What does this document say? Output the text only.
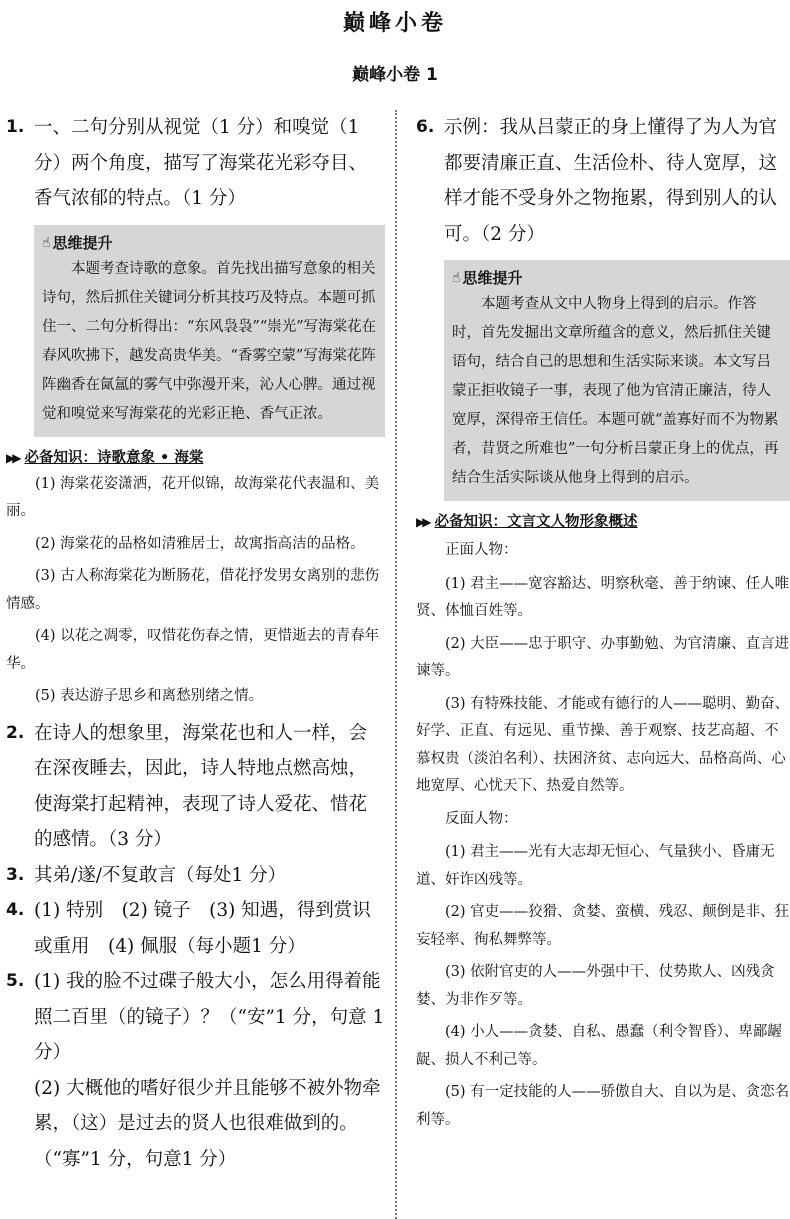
巅峰小卷
巅峰小卷 1
1. 一、二句分别从视觉（1 分）和嗅觉（1 分）两个角度，描写了海棠花光彩夺目、香气浓郁的特点。（1 分）
☝ 思维提升
本题考查诗歌的意象。首先找出描写意象的相关诗句，然后抓住关键词分析其技巧及特点。本题可抓住一、二句分析得出：“东风袅袅”“崇光”写海棠花在春风吹拂下，越发高贵华美。“香雾空蒙”写海棠花阵阵幽香在氤氲的雾气中弥漫开来，沁人心脾。通过视觉和嗅觉来写海棠花的光彩正艳、香气正浓。
▶▶ 必备知识：诗歌意象 • 海棠

(1) 海棠花姿潇洒，花开似锦，故海棠花代表温和、美丽。

(2) 海棠花的品格如清雅居士，故寓指高洁的品格。

(3) 古人称海棠花为断肠花，借花抒发男女离别的悲伤情感。

(4) 以花之凋零，叹惜花伤春之情，更惜逝去的青春年华。

(5) 表达游子思乡和离愁别绪之情。

2. 在诗人的想象里，海棠花也和人一样，会在深夜睡去，因此，诗人特地点燃高烛，使海棠打起精神，表现了诗人爱花、惜花的感情。（3 分）
3. 其弟/遂/不复敢言（每处1 分）
4. (1) 特别　(2) 镜子　(3) 知遇，得到赏识或重用　(4) 佩服（每小题1 分）
5. (1) 我的脸不过碟子般大小，怎么用得着能照二百里（的镜子）？（“安”1 分，句意 1 分）
(2) 大概他的嗜好很少并且能够不被外物牵累，（这）是过去的贤人也很难做到的。（“寡”1 分，句意1 分）
6. 示例：我从吕蒙正的身上懂得了为人为官都要清廉正直、生活俭朴、待人宽厚，这样才能不受身外之物拖累，得到别人的认可。（2 分）
☝ 思维提升
本题考查从文中人物身上得到的启示。作答时，首先发掘出文章所蕴含的意义，然后抓住关键语句，结合自己的思想和生活实际来谈。本文写吕蒙正拒收镜子一事，表现了他为官清正廉洁，待人宽厚，深得帝王信任。本题可就“盖寡好而不为物累者，昔贤之所难也”一句分析吕蒙正身上的优点，再结合生活实际谈从他身上得到的启示。
▶▶ 必备知识：文言文人物形象概述

正面人物：

(1) 君主——宽容豁达、明察秋毫、善于纳谏、任人唯贤、体恤百姓等。

(2) 大臣——忠于职守、办事勤勉、为官清廉、直言进谏等。

(3) 有特殊技能、才能或有德行的人——聪明、勤奋、好学、正直、有远见、重节操、善于观察、技艺高超、不慕权贵（淡泊名利）、扶困济贫、志向远大、品格高尚、心地宽厚、心忧天下、热爱自然等。

反面人物：

(1) 君主——光有大志却无恒心、气量狭小、昏庸无道、奸诈凶残等。

(2) 官吏——狡猾、贪婪、蛮横、残忍、颠倒是非、狂妄轻率、徇私舞弊等。

(3) 依附官吏的人——外强中干、仗势欺人、凶残贪婪、为非作歹等。

(4) 小人——贪婪、自私、愚蠢（利令智昏）、卑鄙龌龊、损人不利己等。

(5) 有一定技能的人——骄傲自大、自以为是、贪恋名利等。
